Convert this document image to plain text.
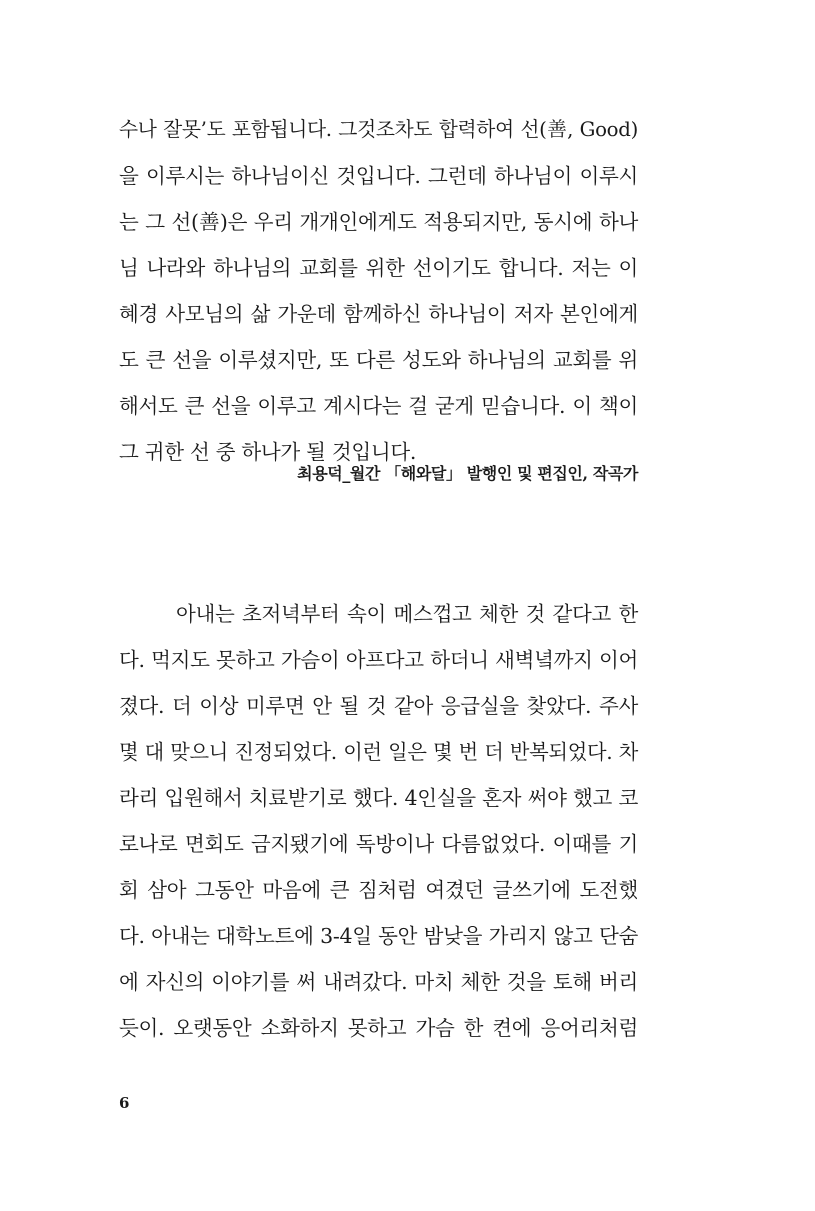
수나 잘못’도 포함됩니다. 그것조차도 합력하여 선(善, Good)
을 이루시는 하나님이신 것입니다. 그런데 하나님이 이루시
는 그 선(善)은 우리 개개인에게도 적용되지만, 동시에 하나
님 나라와 하나님의 교회를 위한 선이기도 합니다. 저는 이
혜경 사모님의 삶 가운데 함께하신 하나님이 저자 본인에게
도 큰 선을 이루셨지만, 또 다른 성도와 하나님의 교회를 위
해서도 큰 선을 이루고 계시다는 걸 굳게 믿습니다. 이 책이
그 귀한 선 중 하나가 될 것입니다.
최용덕_월간 「해와달」 발행인 및 편집인, 작곡가
아내는 초저녁부터 속이 메스껍고 체한 것 같다고 한
다. 먹지도 못하고 가슴이 아프다고 하더니 새벽녘까지 이어
졌다. 더 이상 미루면 안 될 것 같아 응급실을 찾았다. 주사
몇 대 맞으니 진정되었다. 이런 일은 몇 번 더 반복되었다. 차
라리 입원해서 치료받기로 했다. 4인실을 혼자 써야 했고 코
로나로 면회도 금지됐기에 독방이나 다름없었다. 이때를 기
회 삼아 그동안 마음에 큰 짐처럼 여겼던 글쓰기에 도전했
다. 아내는 대학노트에 3-4일 동안 밤낮을 가리지 않고 단숨
에 자신의 이야기를 써 내려갔다. 마치 체한 것을 토해 버리
듯이. 오랫동안 소화하지 못하고 가슴 한 켠에 응어리처럼
6
